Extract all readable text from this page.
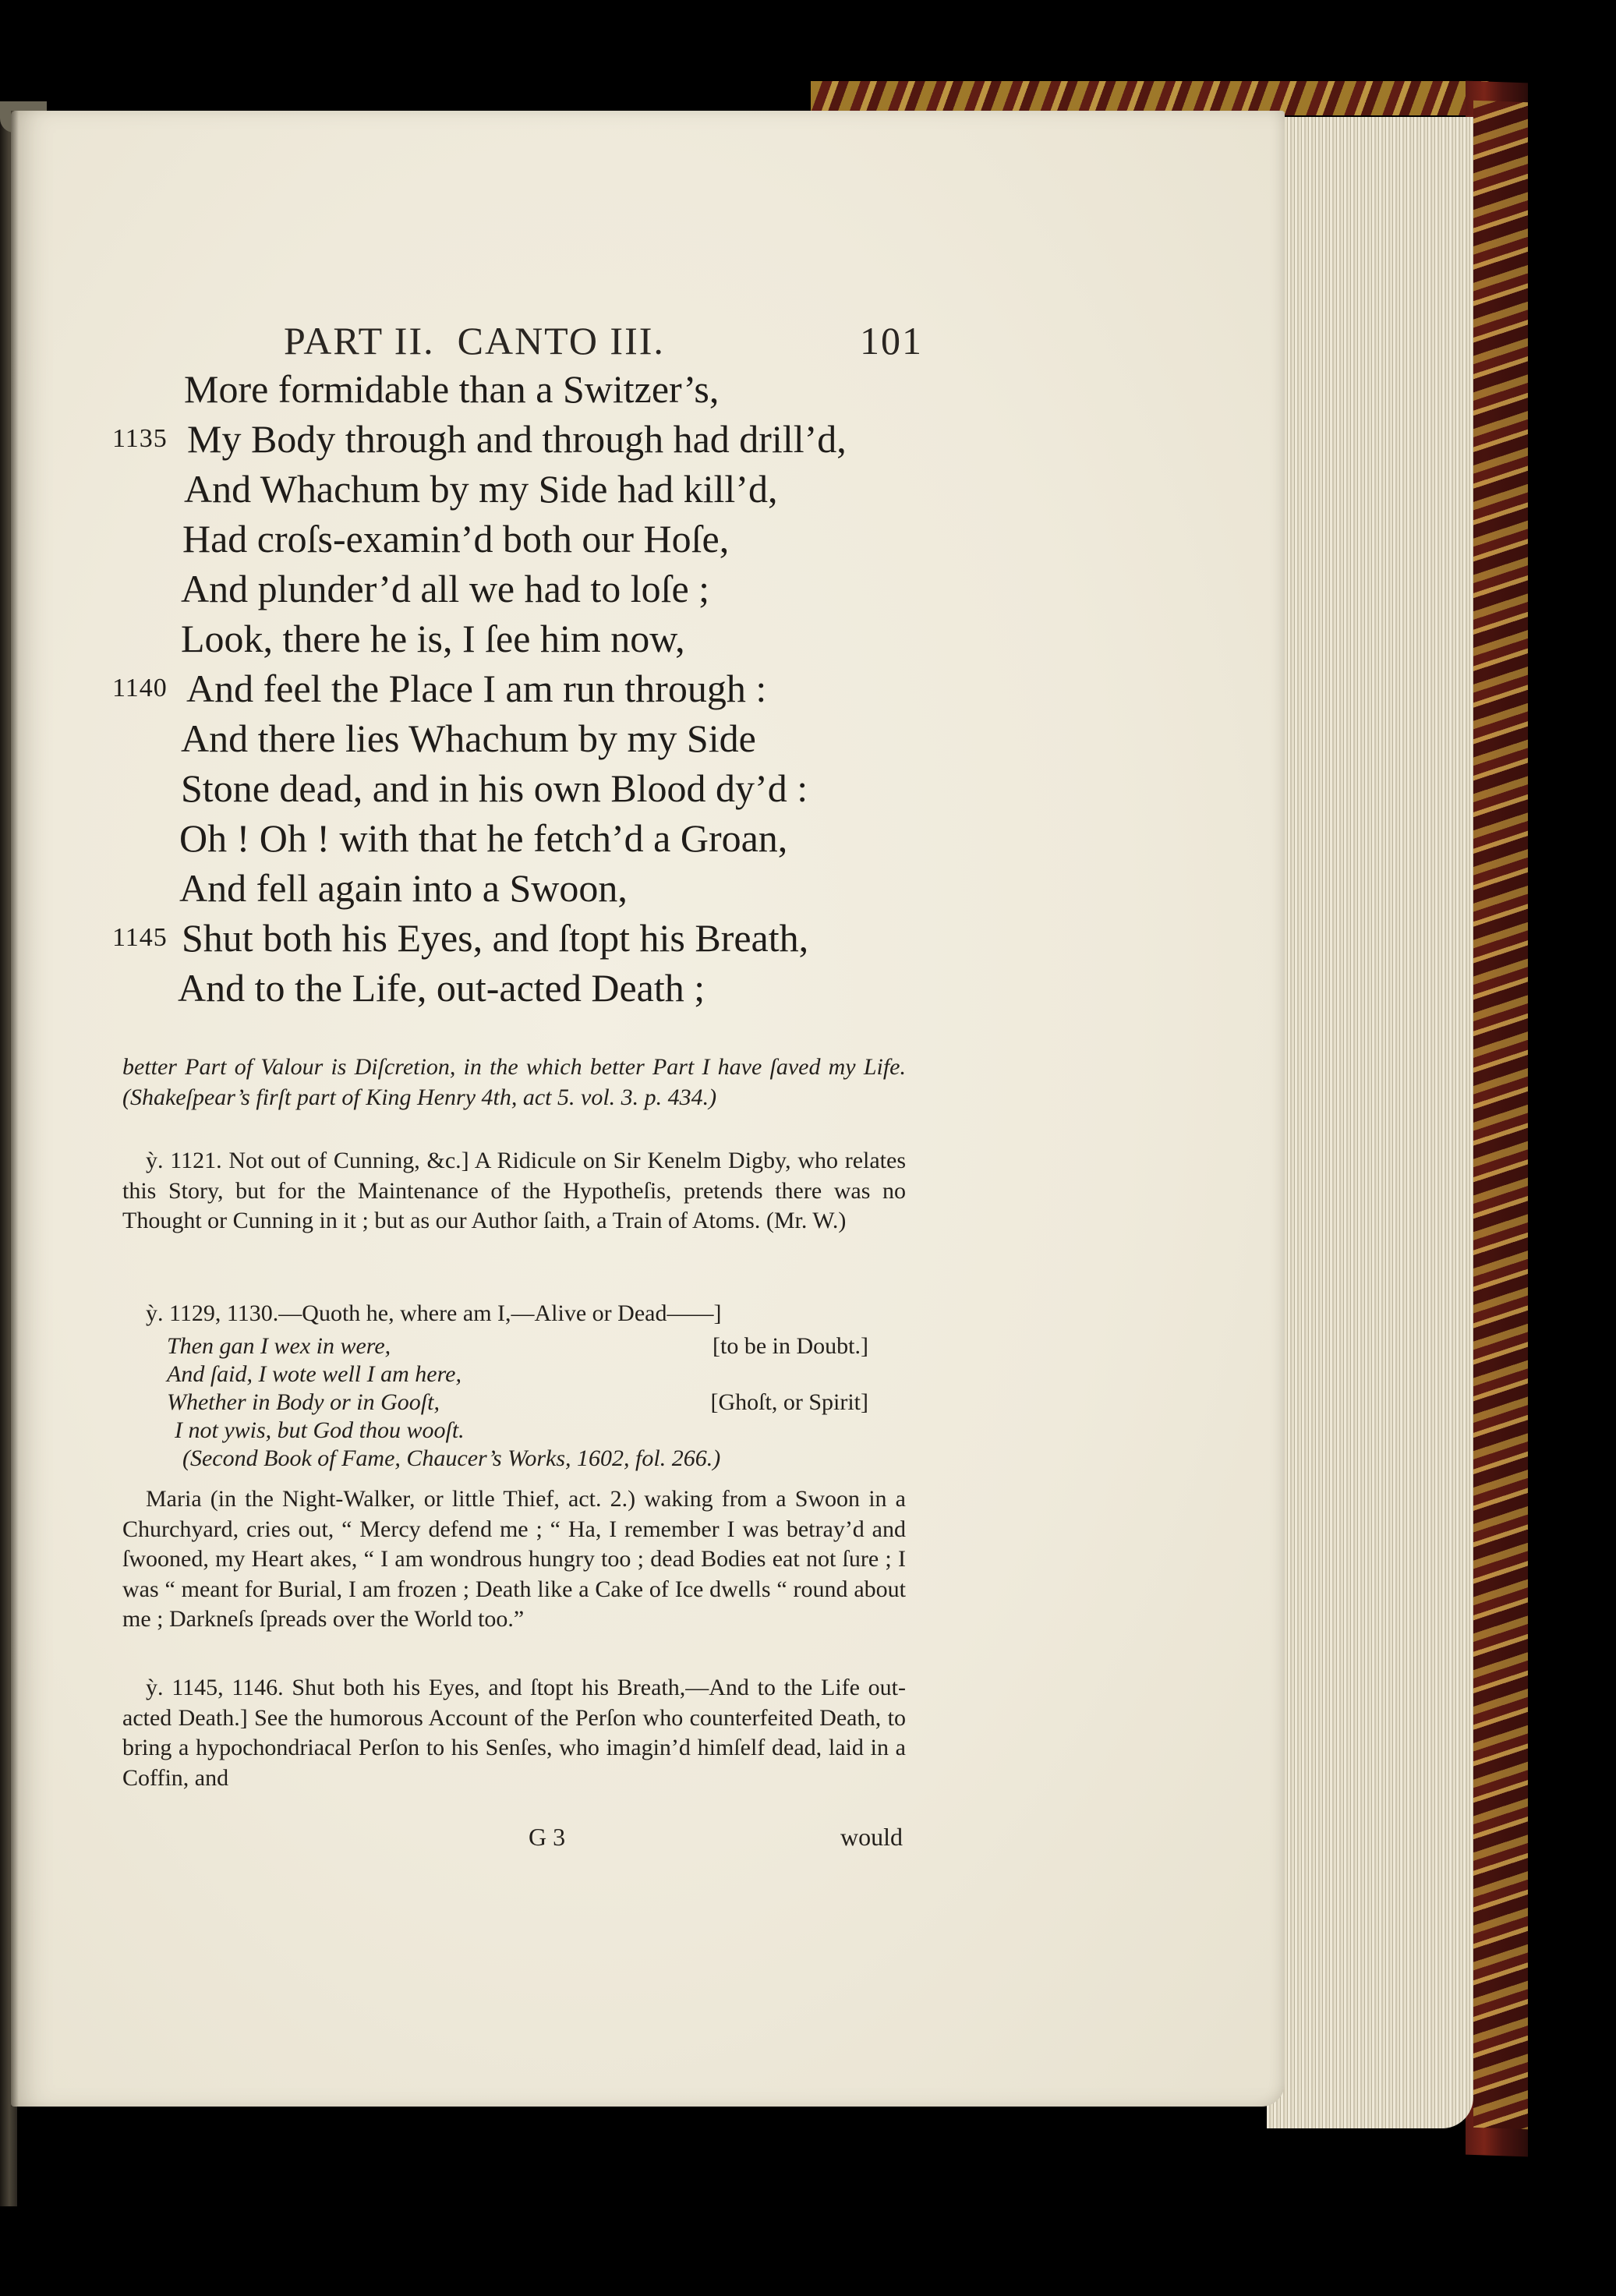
PART II.  CANTO III.	101
More formidable than a Switzer’s,
1135 My Body through and through had drill’d,
And Whachum by my Side had kill’d,
Had croſs-examin’d both our Hoſe,
And plunder’d all we had to loſe ;
Look, there he is, I ſee him now,
1140 And feel the Place I am run through :
And there lies Whachum by my Side
Stone dead, and in his own Blood dy’d :
Oh ! Oh ! with that he fetch’d a Groan,
And fell again into a Swoon,
1145 Shut both his Eyes, and ſtopt his Breath,
And to the Life, out-acted Death ;

better Part of Valour is Diſcretion, in the which better Part I have ſaved my Life. (Shakeſpear’s firſt part of King Henry 4th, act 5. vol. 3. p. 434.)

ỳ. 1121. Not out of Cunning, &c.] A Ridicule on Sir Kenelm Digby, who relates this Story, but for the Maintenance of the Hypotheſis, pretends there was no Thought or Cunning in it ; but as our Author ſaith, a Train of Atoms. (Mr. W.)

ỳ. 1129, 1130.—Quoth he, where am I,—Alive or Dead——]

Then gan I wex in were,	[to be in Doubt.]
And ſaid, I wote well I am here,
Whether in Body or in Gooſt,	[Ghoſt, or Spirit]
I not ywis, but God thou wooſt.
(Second Book of Fame, Chaucer’s Works, 1602, fol. 266.)

Maria (in the Night-Walker, or little Thief, act. 2.) waking from a Swoon in a Churchyard, cries out, “ Mercy defend me ; “ Ha, I remember I was betray’d and ſwooned, my Heart akes, “ I am wondrous hungry too ; dead Bodies eat not ſure ; I was “ meant for Burial, I am frozen ; Death like a Cake of Ice dwells “ round about me ; Darkneſs ſpreads over the World too.”

ỳ. 1145, 1146. Shut both his Eyes, and ſtopt his Breath,—And to the Life out-acted Death.] See the humorous Account of the Perſon who counterfeited Death, to bring a hypochondriacal Perſon to his Senſes, who imagin’d himſelf dead, laid in a Coffin, and

G 3	would
